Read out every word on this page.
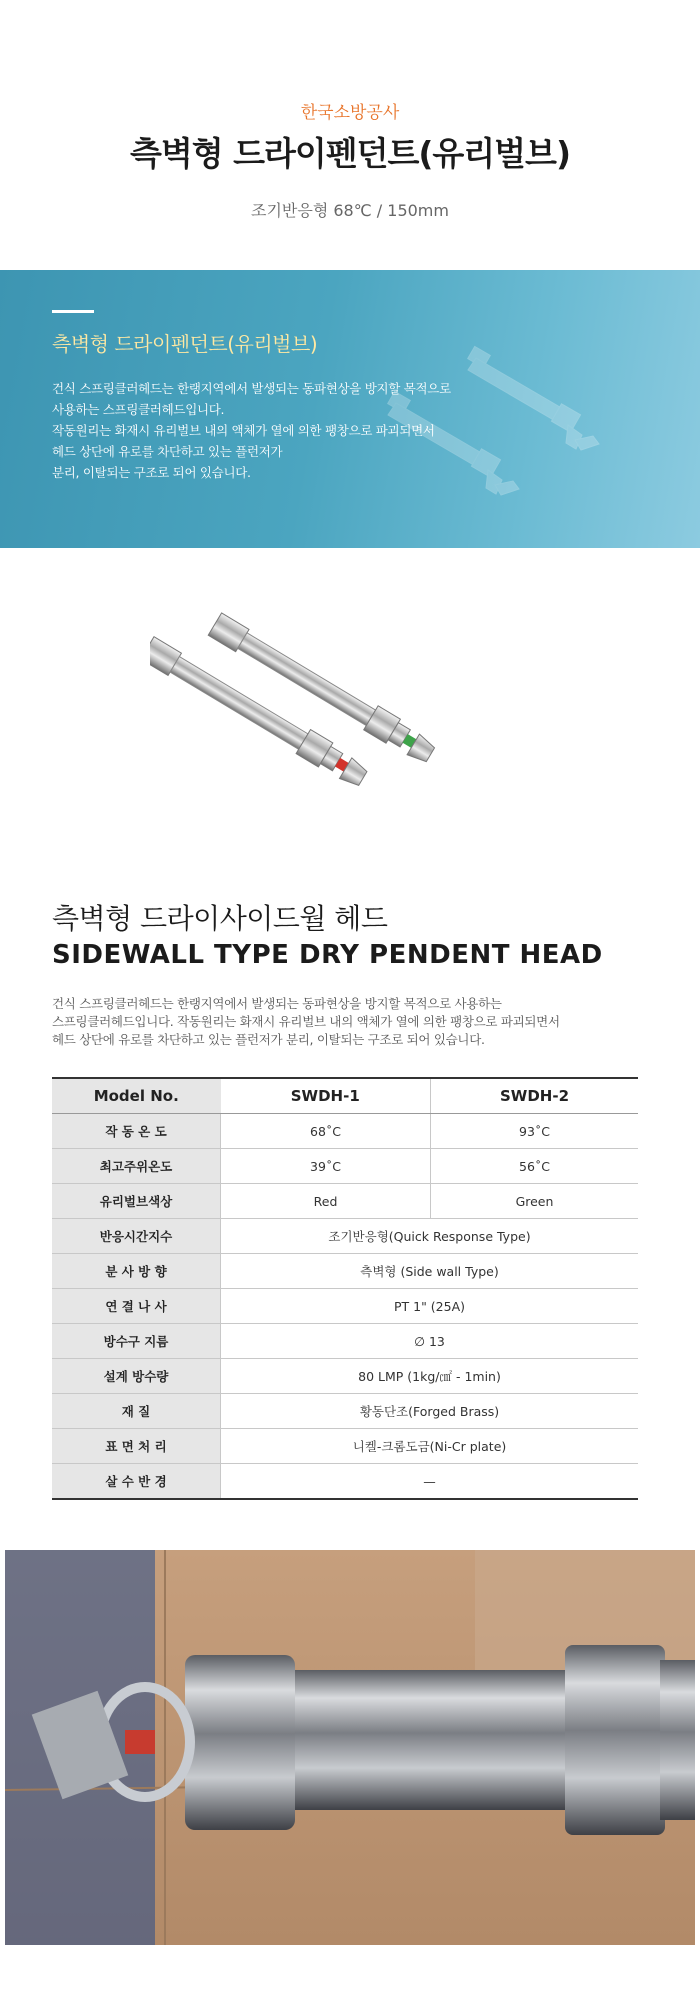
한국소방공사
측벽형 드라이펜던트(유리벌브)
조기반응형 68℃ / 150mm
측벽형 드라이펜던트(유리벌브)

건식 스프링클러헤드는 한랭지역에서 발생되는 동파현상을 방지할 목적으로

사용하는 스프링클러헤드입니다.

작동원리는 화재시 유리벌브 내의 액체가 열에 의한 팽창으로 파괴되면서

헤드 상단에 유로를 차단하고 있는 플런저가

분리, 이탈되는 구조로 되어 있습니다.

측벽형 드라이사이드월 헤드
SIDEWALL TYPE DRY PENDENT HEAD

건식 스프링클러헤드는 한랭지역에서 발생되는 동파현상을 방지할 목적으로 사용하는

스프링클러헤드입니다. 작동원리는 화재시 유리벌브 내의 액체가 열에 의한 팽창으로 파괴되면서

헤드 상단에 유로를 차단하고 있는 플런저가 분리, 이탈되는 구조로 되어 있습니다.

Model No.	SWDH-1	SWDH-2
작 동 온 도	68˚C	93˚C
최고주위온도	39˚C	56˚C
유리벌브색상	Red	Green
반응시간지수	조기반응형(Quick Response Type)	
분 사 방 향	측벽형 (Side wall Type)	
연 결 나 사	PT 1" (25A)	
방수구 지름	∅ 13	
설계 방수량	80 LMP (1kg/㎠ - 1min)	
재 질	황동단조(Forged Brass)	
표 면 처 리	니켈-크롬도금(Ni-Cr plate)	
살 수 반 경	—	
